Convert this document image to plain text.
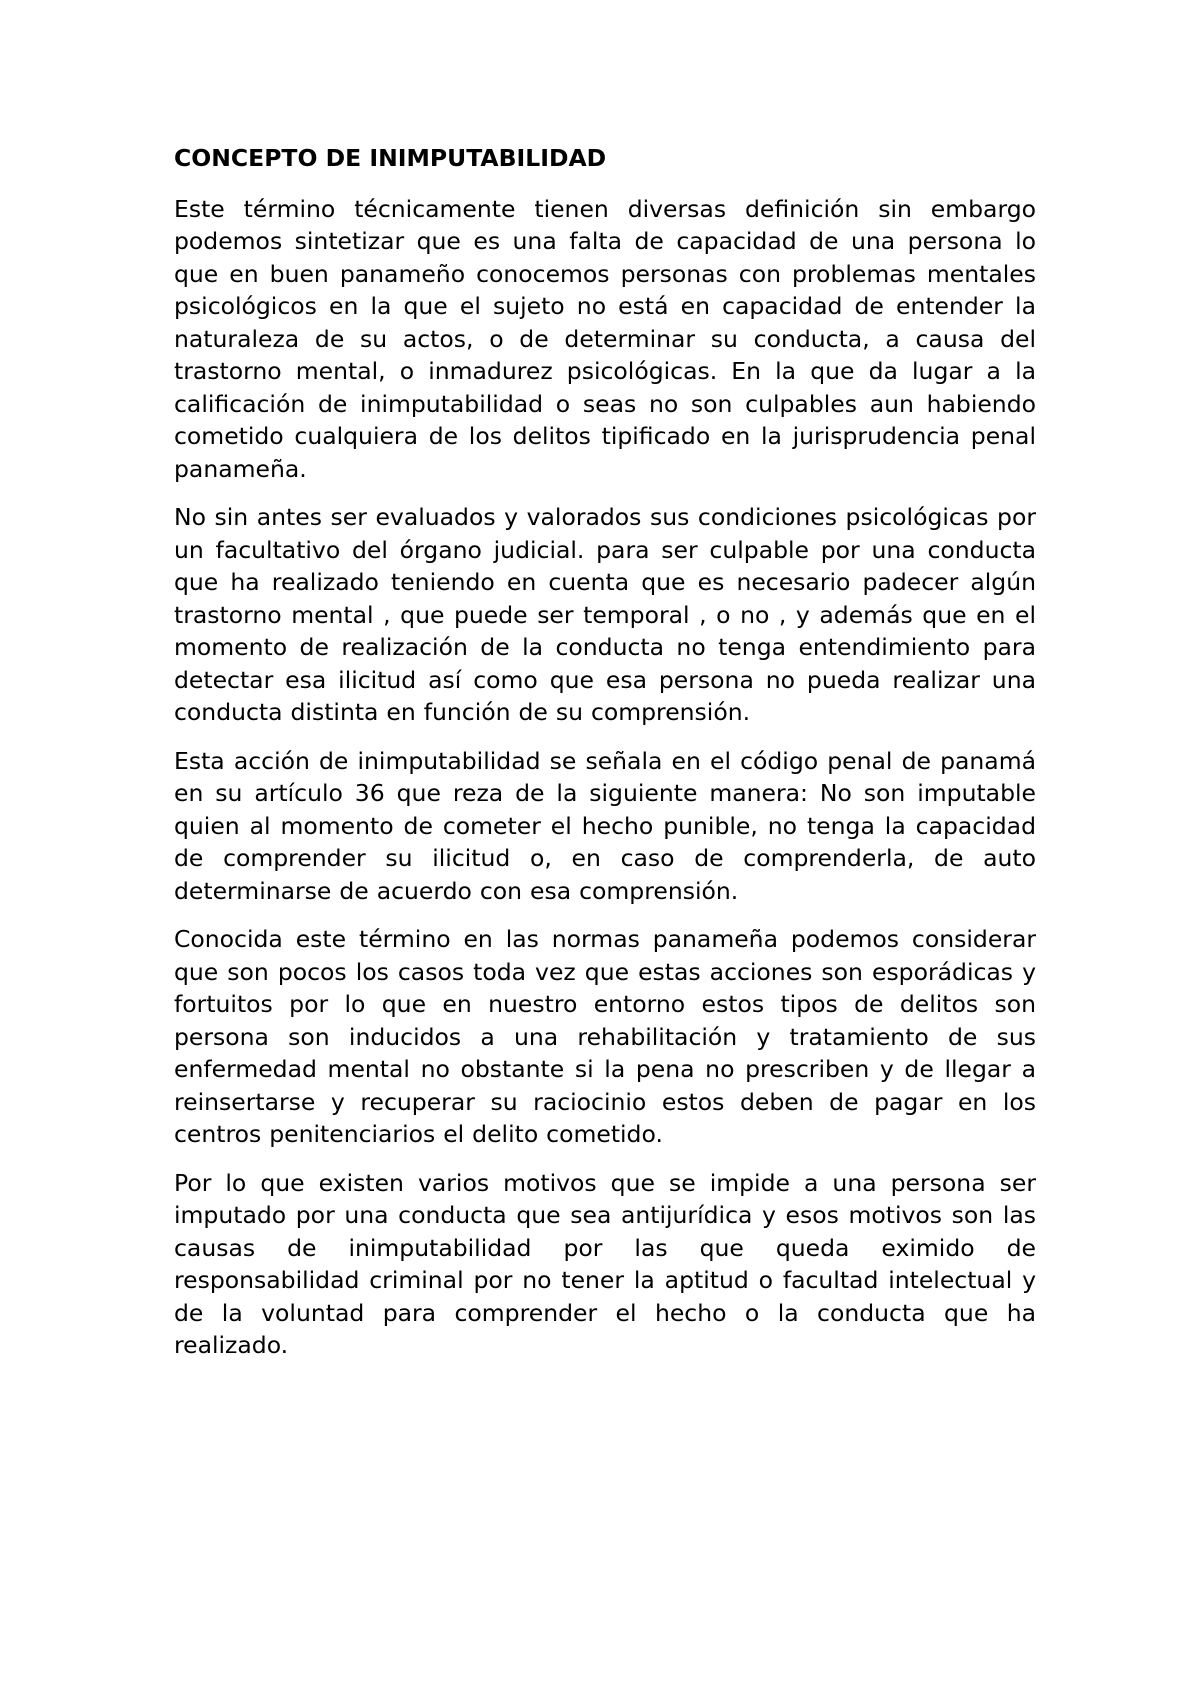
CONCEPTO DE INIMPUTABILIDAD

Este término técnicamente tienen diversas definición sin embargo podemos sintetizar que es una falta de capacidad de una persona lo que en buen panameño conocemos personas con problemas mentales psicológicos en la que el sujeto no está en capacidad de entender la naturaleza de su actos, o de determinar su conducta, a causa del trastorno mental, o inmadurez psicológicas. En la que da lugar a la calificación de inimputabilidad o seas no son culpables aun habiendo cometido cualquiera de los delitos tipificado en la jurisprudencia penal panameña.

No sin antes ser evaluados y valorados sus condiciones psicológicas por un facultativo del órgano judicial. para ser culpable por una conducta que ha realizado teniendo en cuenta que es necesario padecer algún trastorno mental , que puede ser temporal , o no , y además que en el momento de realización de la conducta no tenga entendimiento para detectar esa ilicitud así como que esa persona no pueda realizar una conducta distinta en función de su comprensión.

Esta acción de inimputabilidad se señala en el código penal de panamá en su artículo 36 que reza de la siguiente manera: No son imputable quien al momento de cometer el hecho punible, no tenga la capacidad de comprender su ilicitud o, en caso de comprenderla, de auto determinarse de acuerdo con esa comprensión.

Conocida este término en las normas panameña podemos considerar que son pocos los casos toda vez que estas acciones son esporádicas y fortuitos por lo que en nuestro entorno estos tipos de delitos son persona son inducidos a una rehabilitación y tratamiento de sus enfermedad mental no obstante si la pena no prescriben y de llegar a reinsertarse y recuperar su raciocinio estos deben de pagar en los centros penitenciarios el delito cometido.

Por lo que existen varios motivos que se impide a una persona ser imputado por una conducta que sea antijurídica y esos motivos son las causas de inimputabilidad por las que queda eximido de responsabilidad criminal por no tener la aptitud o facultad intelectual y de la voluntad para comprender el hecho o la conducta que ha realizado.
